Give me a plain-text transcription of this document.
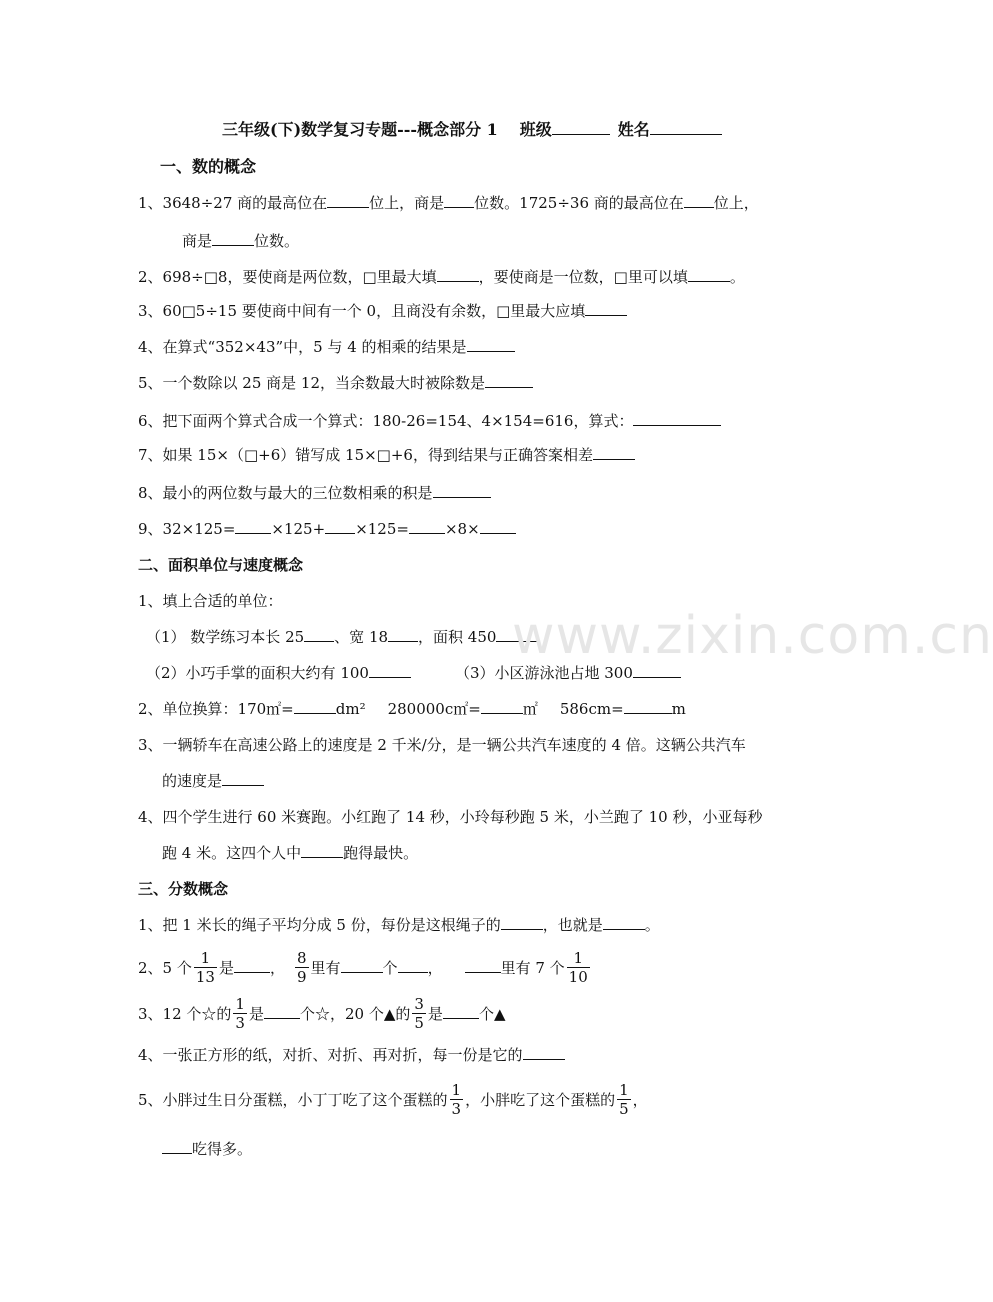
三年级(下)数学复习专题---概念部分 1 班级	姓名
一、数的概念
1、3648÷27 商的最高位在	位上，商是 位数。1725÷36 商的最高位在 位上，
商是	位数。
2、698÷□8，要使商是两位数，□里最大填	，要使商是一位数，□里可以填	。
3、60□5÷15 要使商中间有一个 0，且商没有余数，□里最大应填
4、在算式“352×43”中，5 与 4 的相乘的结果是
5、一个数除以 25 商是 12，当余数最大时被除数是
6、把下面两个算式合成一个算式：180-26=154、4×154=616，算式：
7、如果 15×（□+6）错写成 15×□+6，得到结果与正确答案相差
8、最小的两位数与最大的三位数相乘的积是
9、32×125= ×125+ ×125= ×8×
二、面积单位与速度概念
1、填上合适的单位：
（1） 数学练习本长 25 、宽 18 ，面积 450
（2）小巧手掌的面积大约有 100	（3）小区游泳池占地 300
2、单位换算：170㎡=	dm² 280000c㎡=	㎡ 586cm=	m
3、一辆轿车在高速公路上的速度是 2 千米/分，是一辆公共汽车速度的 4 倍。这辆公共汽车
的速度是
4、四个学生进行 60 米赛跑。小红跑了 14 秒，小玲每秒跑 5 米，小兰跑了 10 秒，小亚每秒
跑 4 米。这四个人中	跑得最快。
三、分数概念
1、把 1 米长的绳子平均分成 5 份，每份是这根绳子的	，也就是	。
2、5 个 $\frac{1}{13}$ 是 ， $\frac{8}{9}$ 里有	个 ，	里有 7 个 $\frac{1}{10}$
3、12 个☆的 $\frac{1}{3}$ 是 个☆，20 个▲的 $\frac{3}{5}$ 是 个▲
4、一张正方形的纸，对折、对折、再对折，每一份是它的
5、小胖过生日分蛋糕，小丁丁吃了这个蛋糕的 $\frac{1}{3}$ ，小胖吃了这个蛋糕的 $\frac{1}{5}$ ，
吃得多。
www.zixin.com.cn
